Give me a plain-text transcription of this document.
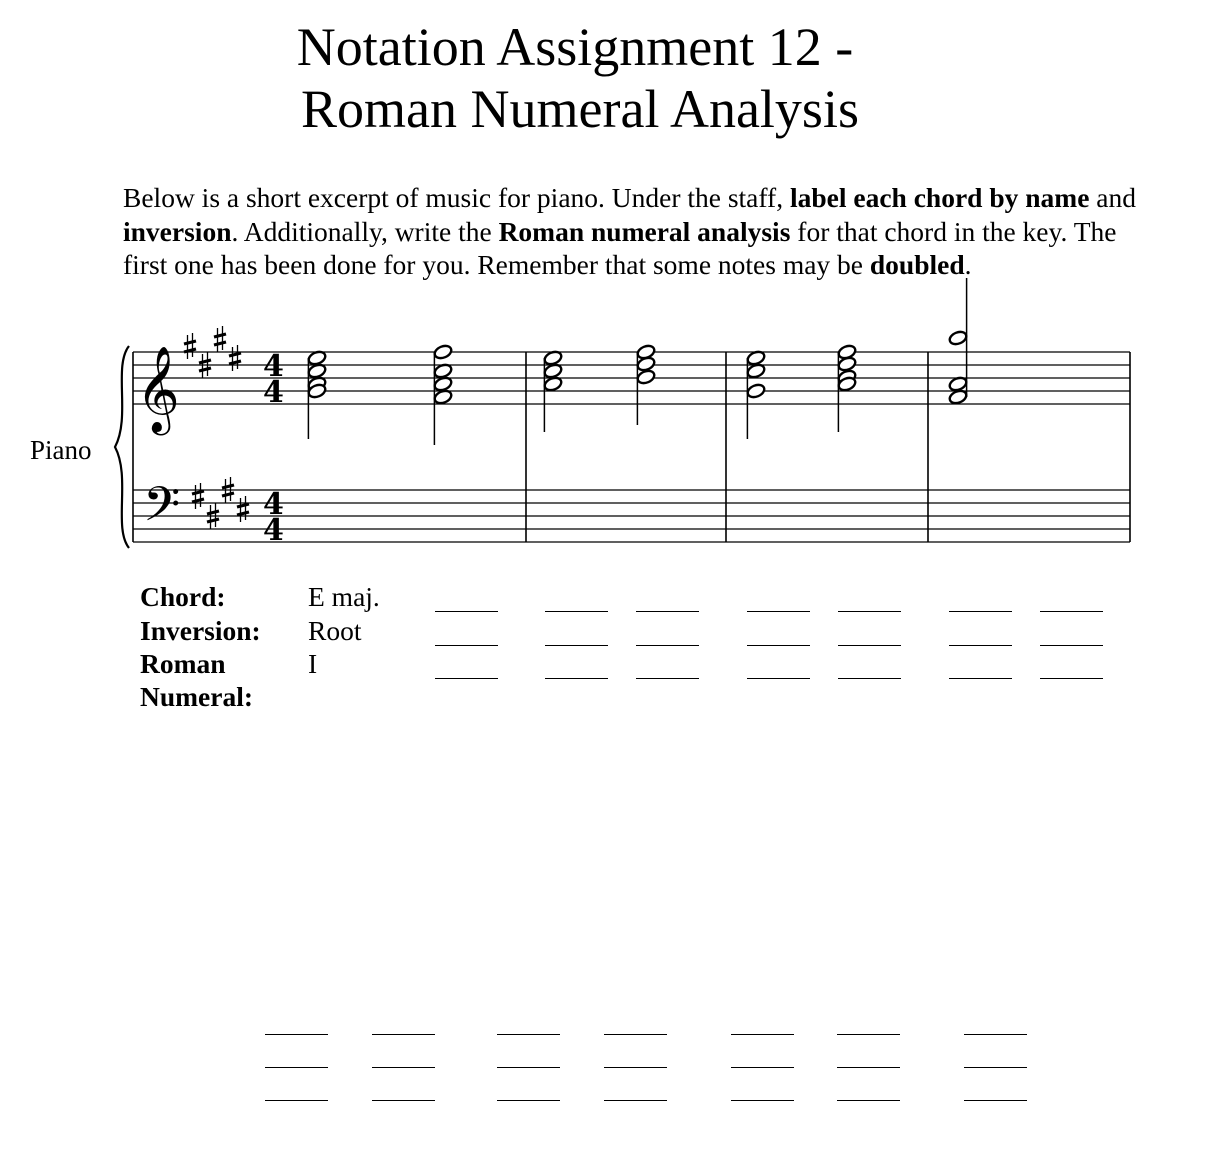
Notation Assignment 12 -
Roman Numeral Analysis
Below is a short excerpt of music for piano. Under the staff, label each chord by name and inversion. Additionally, write the Roman numeral analysis for that chord in the key. The first one has been done for you. Remember that some notes may be doubled.
𝄞
𝄢
4
4
4
4
Piano
Chord:
Inversion:
Roman
Numeral:
E maj.
Root
I
